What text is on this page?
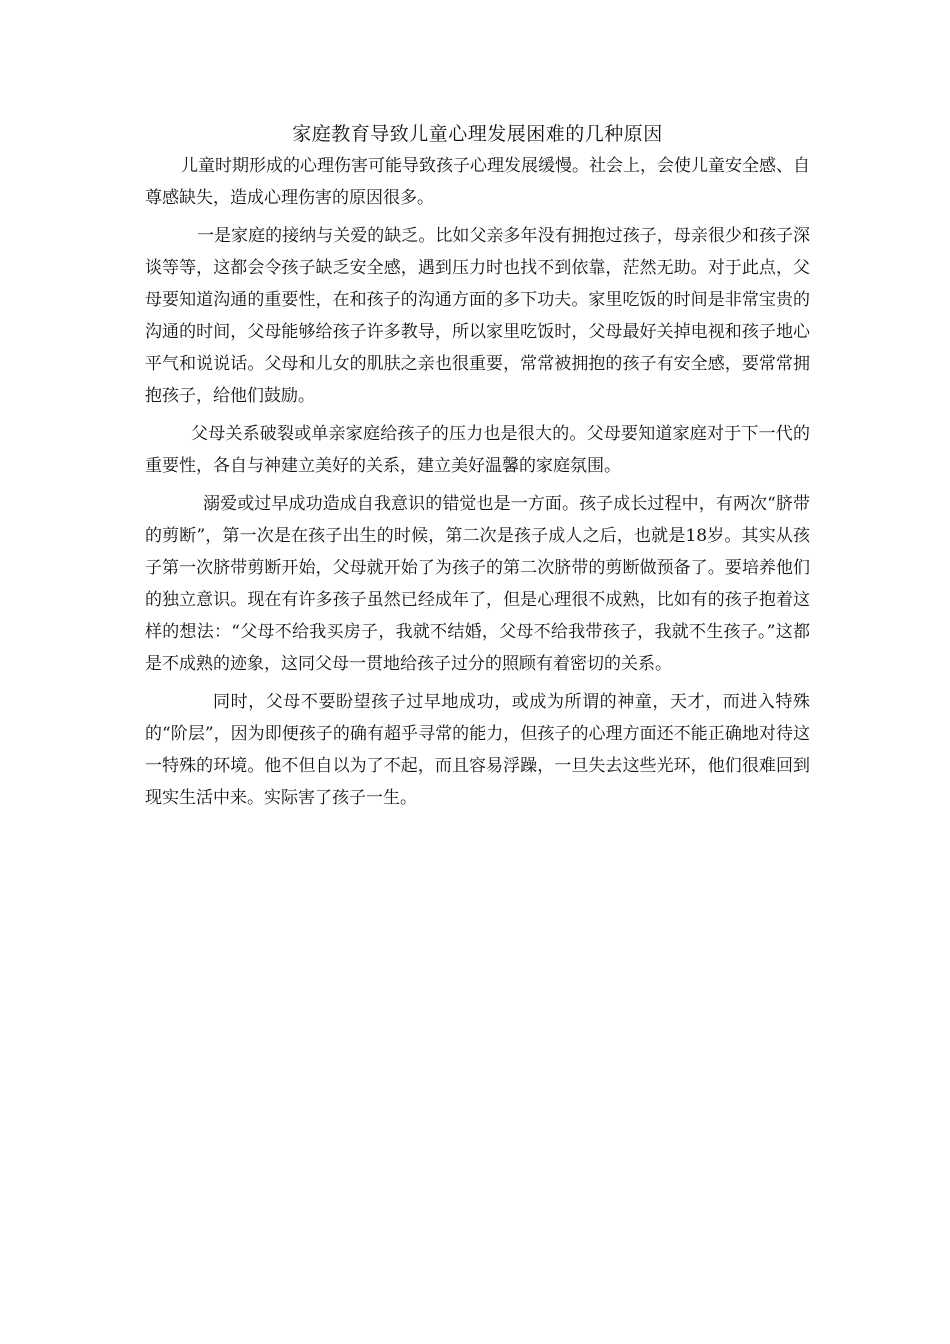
家庭教育导致儿童心理发展困难的几种原因

儿童时期形成的心理伤害可能导致孩子心理发展缓慢。社会上，会使儿童安全感、自尊感缺失，造成心理伤害的原因很多。

一是家庭的接纳与关爱的缺乏。比如父亲多年没有拥抱过孩子，母亲很少和孩子深谈等等，这都会令孩子缺乏安全感，遇到压力时也找不到依靠，茫然无助。对于此点，父母要知道沟通的重要性，在和孩子的沟通方面的多下功夫。家里吃饭的时间是非常宝贵的沟通的时间，父母能够给孩子许多教导，所以家里吃饭时，父母最好关掉电视和孩子地心平气和说说话。父母和儿女的肌肤之亲也很重要，常常被拥抱的孩子有安全感，要常常拥抱孩子，给他们鼓励。

父母关系破裂或单亲家庭给孩子的压力也是很大的。父母要知道家庭对于下一代的重要性，各自与神建立美好的关系，建立美好温馨的家庭氛围。

溺爱或过早成功造成自我意识的错觉也是一方面。孩子成长过程中，有两次“脐带的剪断”，第一次是在孩子出生的时候，第二次是孩子成人之后，也就是18岁。其实从孩子第一次脐带剪断开始，父母就开始了为孩子的第二次脐带的剪断做预备了。要培养他们的独立意识。现在有许多孩子虽然已经成年了，但是心理很不成熟，比如有的孩子抱着这样的想法：“父母不给我买房子，我就不结婚，父母不给我带孩子，我就不生孩子。”这都是不成熟的迹象，这同父母一贯地给孩子过分的照顾有着密切的关系。

同时，父母不要盼望孩子过早地成功，或成为所谓的神童，天才，而进入特殊的“阶层”，因为即便孩子的确有超乎寻常的能力，但孩子的心理方面还不能正确地对待这一特殊的环境。他不但自以为了不起，而且容易浮躁，一旦失去这些光环，他们很难回到现实生活中来。实际害了孩子一生。
